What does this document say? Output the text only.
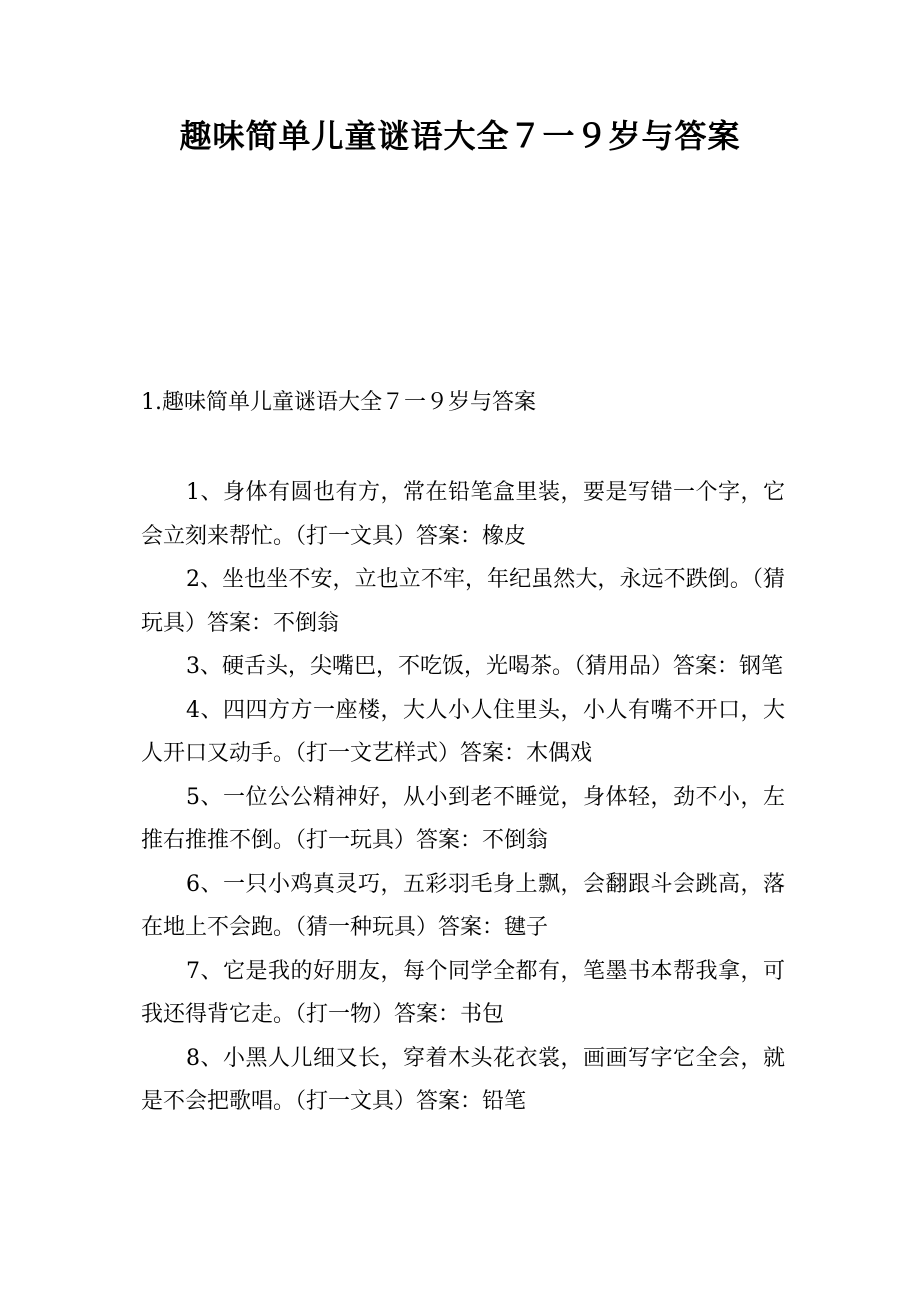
趣味简单儿童谜语大全７一９岁与答案
1.趣味简单儿童谜语大全７一９岁与答案
1、身体有圆也有方，常在铅笔盒里装，要是写错一个字，它会立刻来帮忙。（打一文具）答案：橡皮
2、坐也坐不安，立也立不牢，年纪虽然大，永远不跌倒。（猜玩具）答案：不倒翁
3、硬舌头，尖嘴巴，不吃饭，光喝茶。（猜用品）答案：钢笔
4、四四方方一座楼，大人小人住里头，小人有嘴不开口，大人开口又动手。（打一文艺样式）答案：木偶戏
5、一位公公精神好，从小到老不睡觉，身体轻，劲不小，左推右推推不倒。（打一玩具）答案：不倒翁
6、一只小鸡真灵巧，五彩羽毛身上飘，会翻跟斗会跳高，落在地上不会跑。（猜一种玩具）答案：毽子
7、它是我的好朋友，每个同学全都有，笔墨书本帮我拿，可我还得背它走。（打一物）答案：书包
8、小黑人儿细又长，穿着木头花衣裳，画画写字它全会，就是不会把歌唱。（打一文具）答案：铅笔
